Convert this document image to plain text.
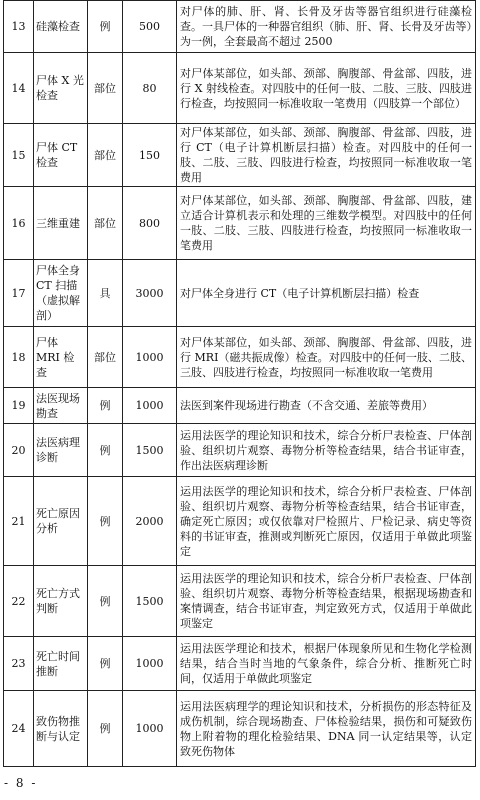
13	硅藻检查	例	500	对尸体的肺、肝、肾、长骨及牙齿等器官组织进行硅藻检查。一具尸体的一种器官组织（肺、肝、肾、长骨及牙齿等）为一例，全套最高不超过 2500
14	尸体 X 光检查	部位	80	对尸体某部位，如头部、颈部、胸腹部、骨盆部、四肢，进行 X 射线检查。对四肢中的任何一肢、二肢、三肢、四肢进行检查，均按照同一标准收取一笔费用（四肢算一个部位）
15	尸体 CT 检查	部位	150	对尸体某部位，如头部、颈部、胸腹部、骨盆部、四肢，进行 CT（电子计算机断层扫描）检查。对四肢中的任何一肢、二肢、三肢、四肢进行检查，均按照同一标准收取一笔费用
16	三维重建	部位	800	对尸体某部位，如头部、颈部、胸腹部、骨盆部、四肢，建立适合计算机表示和处理的三维数学模型。对四肢中的任何一肢、二肢、三肢、四肢进行检查，均按照同一标准收取一笔费用
17	尸体全身 CT 扫描（虚拟解剖）	具	3000	对尸体全身进行 CT（电子计算机断层扫描）检查
18	尸体 MRI 检查	部位	1000	对尸体某部位，如头部、颈部、胸腹部、骨盆部、四肢，进行 MRI（磁共振成像）检查。对四肢中的任何一肢、二肢、三肢、四肢进行检查，均按照同一标准收取一笔费用
19	法医现场勘查	例	1000	法医到案件现场进行勘查（不含交通、差旅等费用）
20	法医病理诊断	例	1500	运用法医学的理论知识和技术，综合分析尸表检查、尸体剖验、组织切片观察、毒物分析等检查结果，结合书证审查，作出法医病理诊断
21	死亡原因分析	例	2000	运用法医学的理论知识和技术，综合分析尸表检查、尸体剖验、组织切片观察、毒物分析等检查结果，结合书证审查，确定死亡原因；或仅依靠对尸检照片、尸检记录、病史等资料的书证审查，推测或判断死亡原因，仅适用于单做此项鉴定
22	死亡方式判断	例	1500	运用法医学的理论知识和技术，综合分析尸表检查、尸体剖验、组织切片观察、毒物分析等检查结果，根据现场勘查和案情调查，结合书证审查，判定致死方式，仅适用于单做此项鉴定
23	死亡时间推断	例	1000	运用法医学理论和技术，根据尸体现象所见和生物化学检测结果，结合当时当地的气象条件，综合分析、推断死亡时间，仅适用于单做此项鉴定
24	致伤物推断与认定	例	1000	运用法医病理学的理论知识和技术，分析损伤的形态特征及成伤机制，综合现场勘查、尸体检验结果，损伤和可疑致伤物上附着物的理化检验结果、DNA 同一认定结果等，认定致死伤物体
- 8 -
